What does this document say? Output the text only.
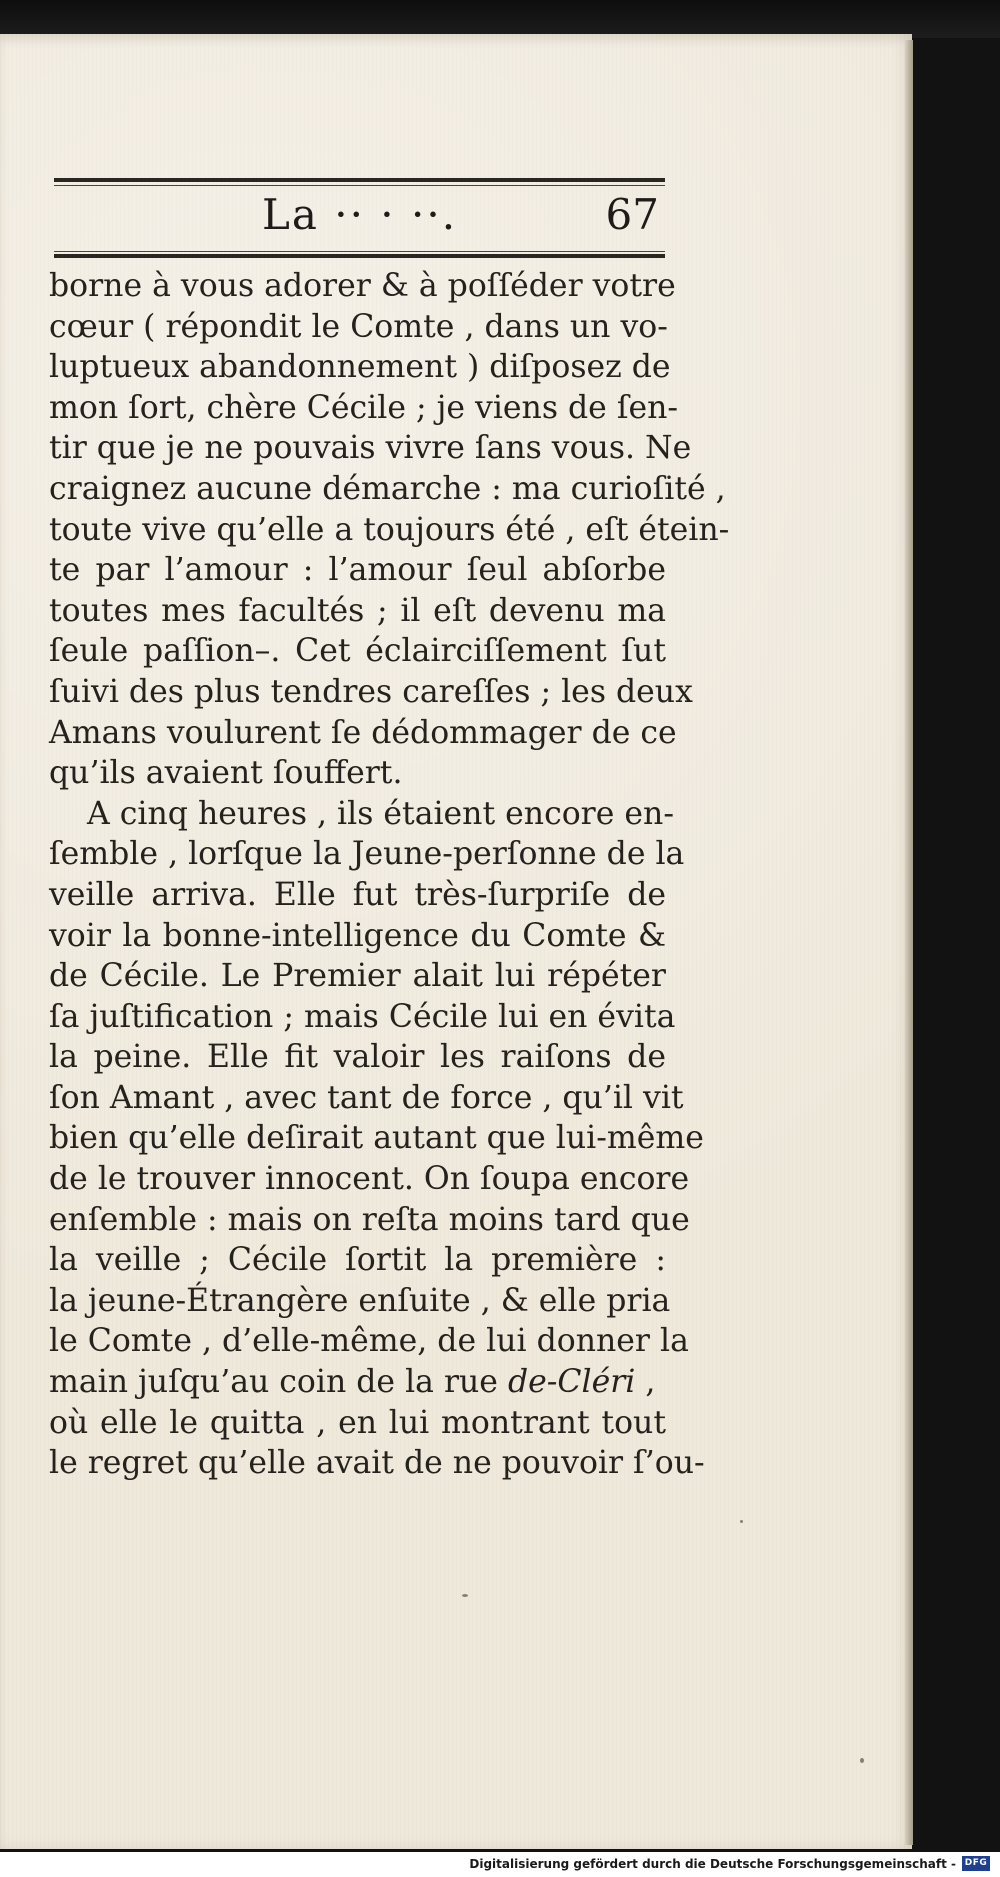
La ·· · ··.	67
borne à vous adorer & à poſſéder votre
cœur ( répondit le Comte , dans un vo-
luptueux abandonnement ) diſposez de
mon ſort, chère Cécile ; je viens de ſen-
tir que je ne pouvais vivre ſans vous. Ne
craignez aucune démarche : ma curioſité ,
toute vive qu’elle a toujours été , eſt étein-
te par l’amour : l’amour ſeul abſorbe
toutes mes facultés ; il eſt devenu ma
ſeule paſſion–. Cet éclairciſſement ſut
ſuivi des plus tendres careſſes ; les deux
Amans voulurent ſe dédommager de ce
qu’ils avaient ſouffert.
A cinq heures , ils étaient encore en-
ſemble , lorſque la Jeune-perſonne de la
veille arriva. Elle fut très-ſurpriſe de
voir la bonne-intelligence du Comte &
de Cécile. Le Premier alait lui répéter
ſa juſtification ; mais Cécile lui en évita
la peine. Elle fit valoir les raiſons de
ſon Amant , avec tant de force , qu’il vit
bien qu’elle deſirait autant que lui-même
de le trouver innocent. On ſoupa encore
enſemble : mais on reſta moins tard que
la veille ; Cécile ſortit la première :
la jeune-Étrangère enſuite , & elle pria
le Comte , d’elle-même, de lui donner la
main juſqu’au coin de la rue de-Cléri ,
où elle le quitta , en lui montrant tout
le regret qu’elle avait de ne pouvoir ſ’ou-
Digitalisierung gefördert durch die Deutsche Forschungsgemeinschaft - DFG
